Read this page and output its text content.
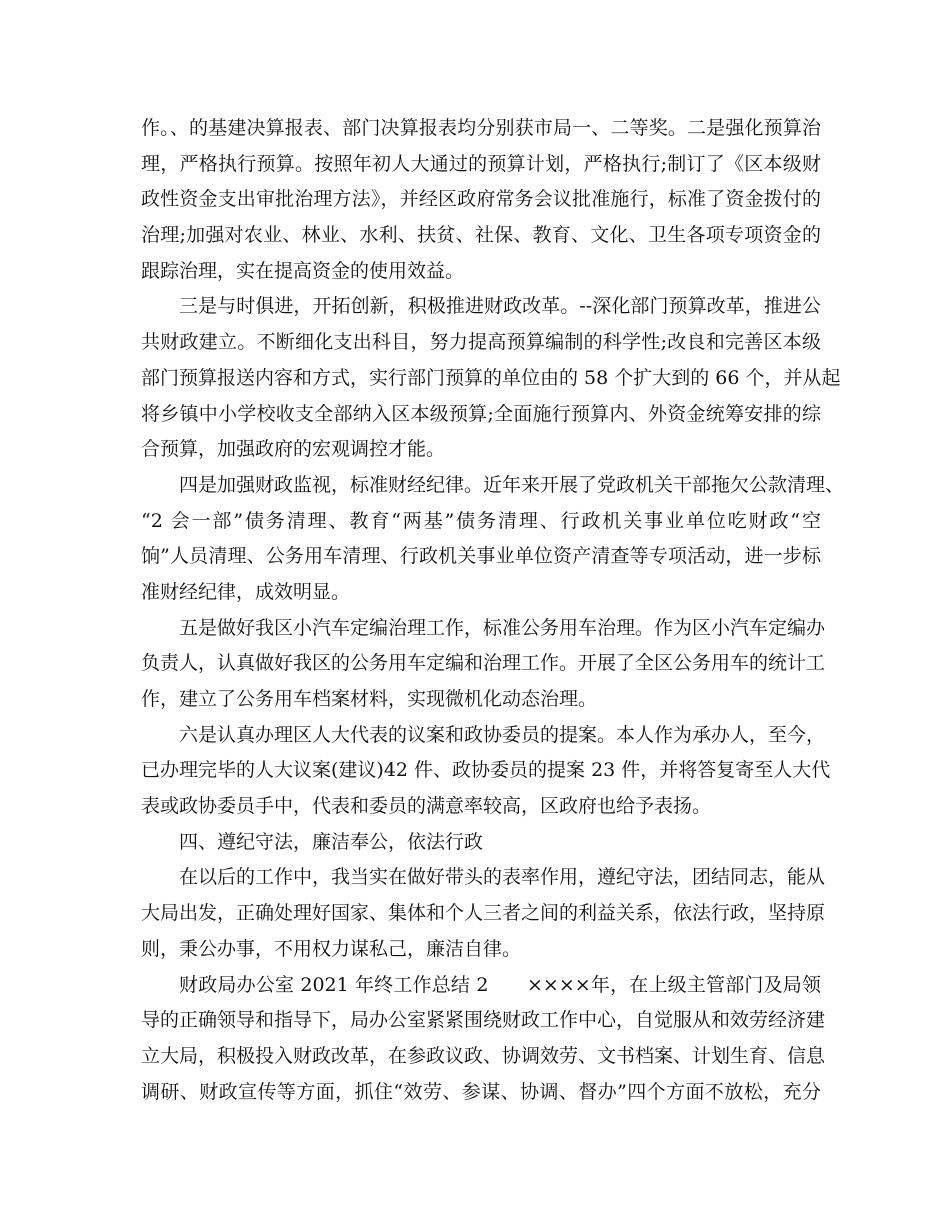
作。、的基建决算报表、部门决算报表均分别获市局一、二等奖。二是强化预算治
理，严格执行预算。按照年初人大通过的预算计划，严格执行;制订了《区本级财
政性资金支出审批治理方法》，并经区政府常务会议批准施行，标准了资金拨付的
治理;加强对农业、林业、水利、扶贫、社保、教育、文化、卫生各项专项资金的
跟踪治理，实在提高资金的使用效益。
三是与时俱进，开拓创新，积极推进财政改革。--深化部门预算改革，推进公
共财政建立。不断细化支出科目，努力提高预算编制的科学性;改良和完善区本级
部门预算报送内容和方式，实行部门预算的单位由的 58 个扩大到的 66 个，并从起
将乡镇中小学校收支全部纳入区本级预算;全面施行预算内、外资金统筹安排的综
合预算，加强政府的宏观调控才能。
四是加强财政监视，标准财经纪律。近年来开展了党政机关干部拖欠公款清理、
“2 会一部”债务清理、教育“两基”债务清理、行政机关事业单位吃财政“空
饷”人员清理、公务用车清理、行政机关事业单位资产清查等专项活动，进一步标
准财经纪律，成效明显。
五是做好我区小汽车定编治理工作，标准公务用车治理。作为区小汽车定编办
负责人，认真做好我区的公务用车定编和治理工作。开展了全区公务用车的统计工
作，建立了公务用车档案材料，实现微机化动态治理。
六是认真办理区人大代表的议案和政协委员的提案。本人作为承办人，至今，
已办理完毕的人大议案(建议)42 件、政协委员的提案 23 件，并将答复寄至人大代
表或政协委员手中，代表和委员的满意率较高，区政府也给予表扬。
四、遵纪守法，廉洁奉公，依法行政
在以后的工作中，我当实在做好带头的表率作用，遵纪守法，团结同志，能从
大局出发，正确处理好国家、集体和个人三者之间的利益关系，依法行政，坚持原
则，秉公办事，不用权力谋私己，廉洁自律。
财政局办公室 2021 年终工作总结 2　　××××年，在上级主管部门及局领
导的正确领导和指导下，局办公室紧紧围绕财政工作中心，自觉服从和效劳经济建
立大局，积极投入财政改革，在参政议政、协调效劳、文书档案、计划生育、信息
调研、财政宣传等方面，抓住“效劳、参谋、协调、督办”四个方面不放松，充分
